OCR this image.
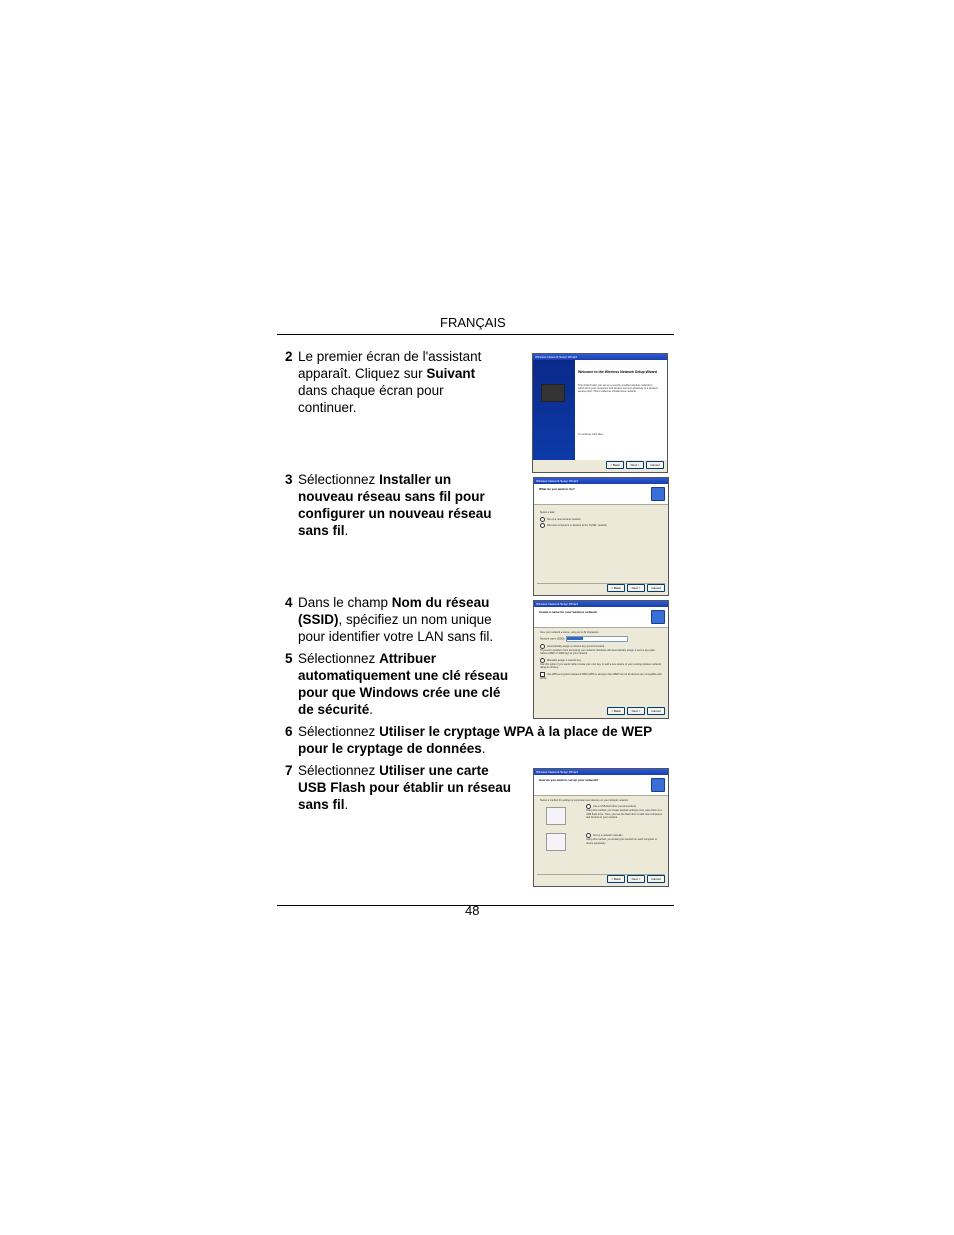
FRANÇAIS
2 Le premier écran de l'assistant apparaît. Cliquez sur Suivant dans chaque écran pour continuer.
3 Sélectionnez Installer un nouveau réseau sans fil pour configurer un nouveau réseau sans fil.
4 Dans le champ Nom du réseau (SSID), spécifiez un nom unique pour identifier votre LAN sans fil.
5 Sélectionnez Attribuer automatiquement une clé réseau pour que Windows crée une clé de sécurité.
6 Sélectionnez Utiliser le cryptage WPA à la place de WEP pour le cryptage de données.
7 Sélectionnez Utiliser une carte USB Flash pour établir un réseau sans fil.
Wireless Network Setup Wizard
Welcome to the Wireless Network Setup Wizard
This wizard helps you set up a security-enabled wireless network in which all of your computers and devices connect wirelessly to a wireless access point. This is called an infrastructure network.
To continue, click Next.
< Back	Next >	Cancel
Wireless Network Setup Wizard
What do you want to do?
Select a task:
Set up a new wireless network
Add new computers or devices to the 'ZyXEL' network
< Back	Next >	Cancel
Wireless Network Setup Wizard
Create a name for your wireless network.
Give your network a name, using up to 32 characters.
Network name (SSID):
Automatically assign a network key (recommended)
To prevent outsiders from accessing your network, Windows will automatically assign a secure key (also called a WEP or WPA key) to your network.
Manually assign a network key
Use this option if you would rather create your own key, or add a new device to your existing wireless network using an old key.
Use WPA encryption instead of WEP (WPA is stronger than WEP but not all devices are compatible with WPA)
< Back	Next >	Cancel
Wireless Network Setup Wizard
How do you want to set up your network?
Select a method for setting up computers and devices on your wireless network.
Use a USB flash drive (recommended)
Using this method, you create network settings once, save them to a USB flash drive. Then, you use the flash drive to add new computers and devices to your network.
Set up a network manually
Using this method, you install your network on each computer or device separately.
< Back	Next >	Cancel
48
